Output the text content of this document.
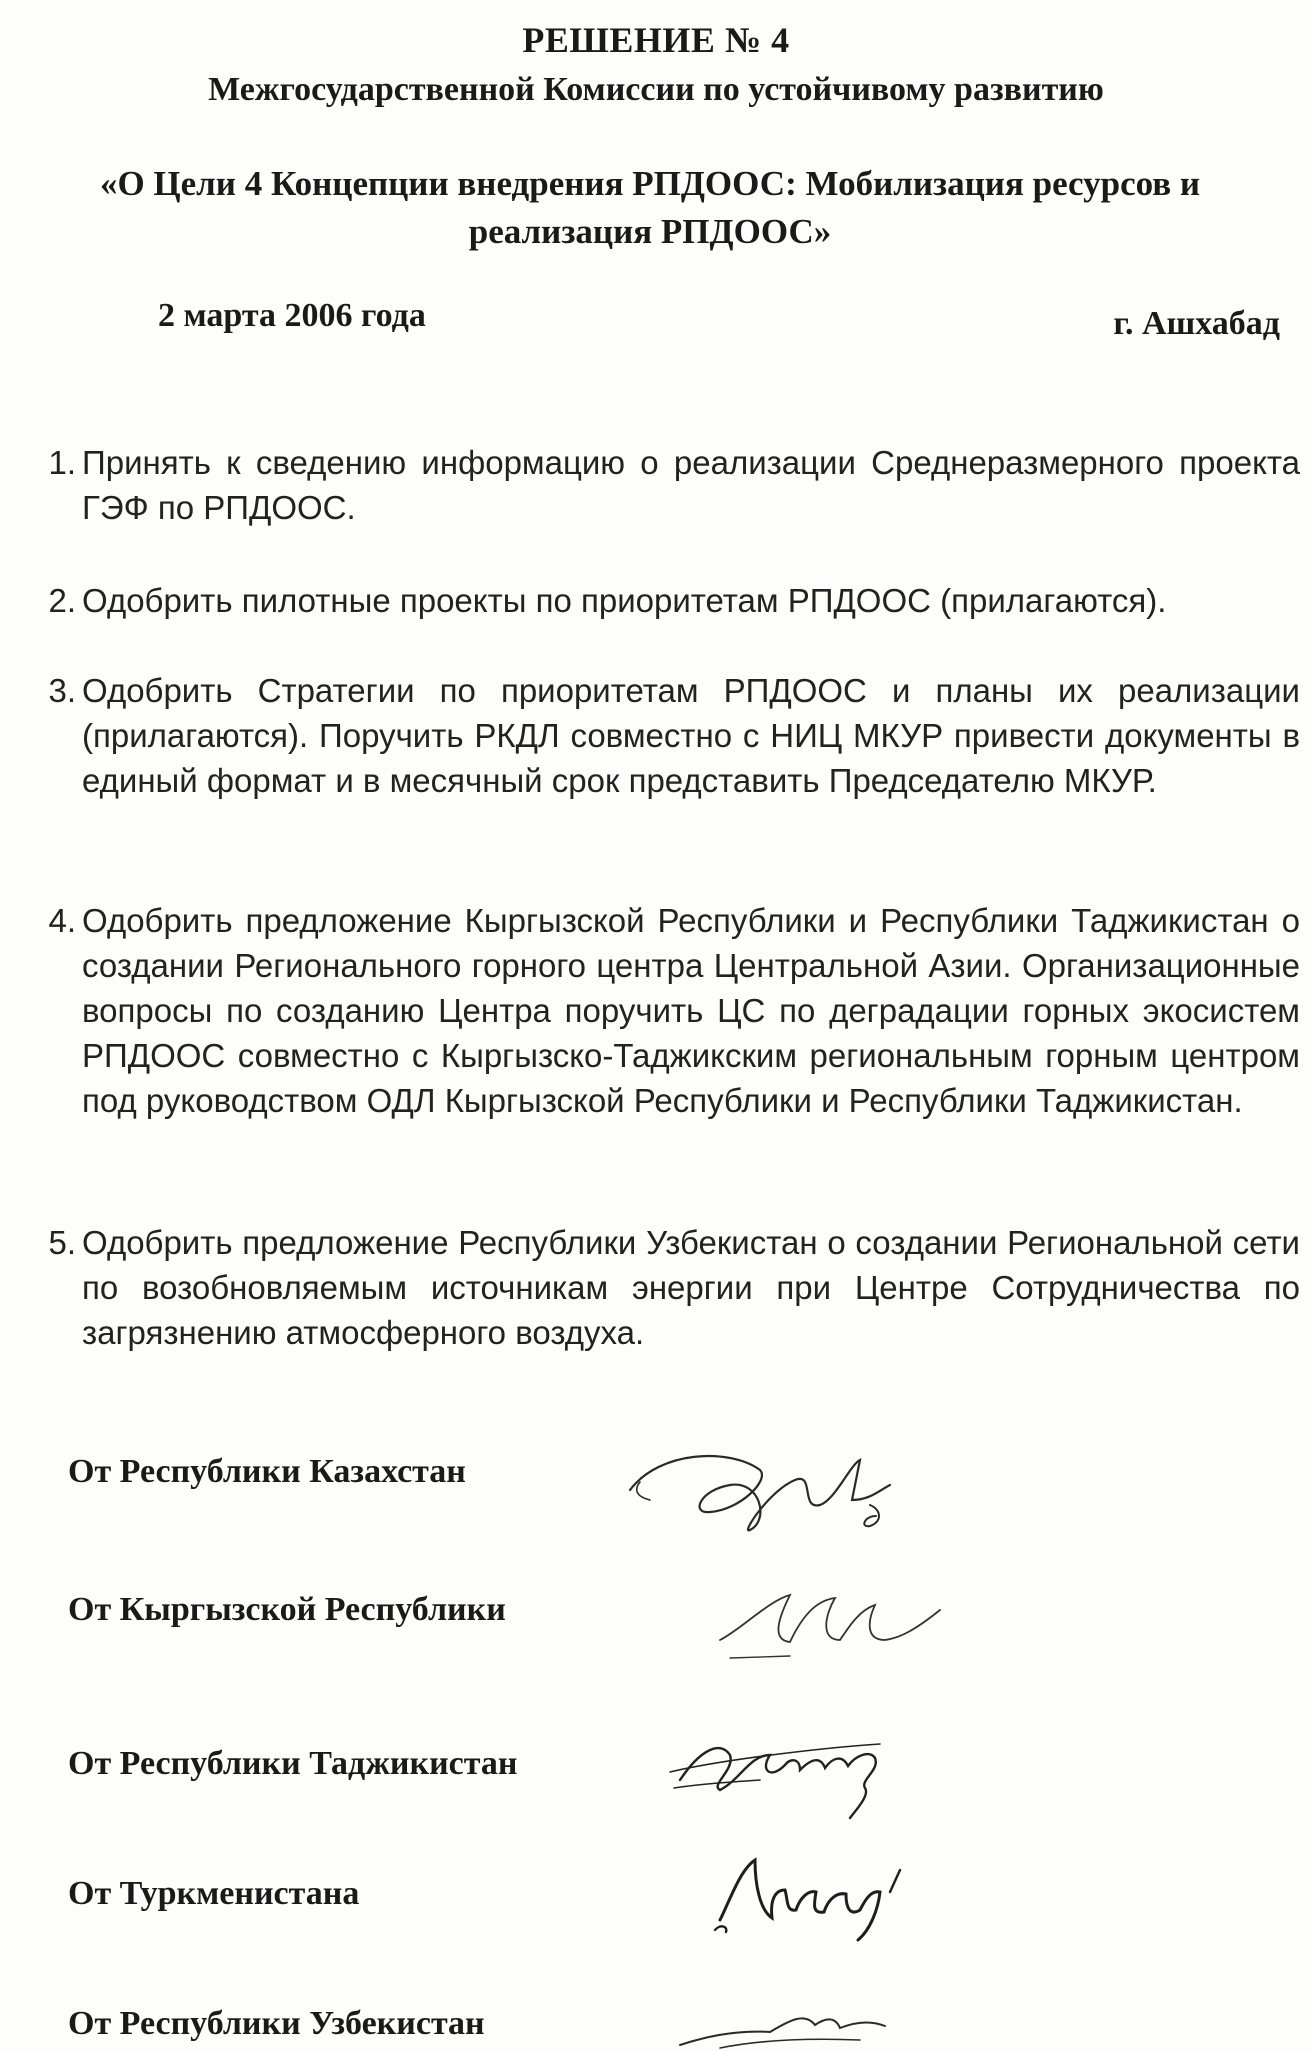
РЕШЕНИЕ № 4
Межгосударственной Комиссии по устойчивому развитию
«О Цели 4 Концепции внедрения РПДООС: Мобилизация ресурсов и реализация РПДООС»
2 марта 2006 года	г. Ашхабад
1. Принять к сведению информацию о реализации Среднеразмерного проекта ГЭФ по РПДООС.
2. Одобрить пилотные проекты по приоритетам РПДООС (прилагаются).
3. Одобрить Стратегии по приоритетам РПДООС и планы их реализации (прилагаются). Поручить РКДЛ совместно с НИЦ МКУР привести документы в единый формат и в месячный срок представить Председателю МКУР.
4. Одобрить предложение Кыргызской Республики и Республики Таджикистан о создании Регионального горного центра Центральной Азии. Организационные вопросы по созданию Центра поручить ЦС по деградации горных экосистем РПДООС совместно с Кыргызско-Таджикским региональным горным центром под руководством ОДЛ Кыргызской Республики и Республики Таджикистан.
5. Одобрить предложение Республики Узбекистан о создании Региональной сети по возобновляемым источникам энергии при Центре Сотрудничества по загрязнению атмосферного воздуха.
От Республики Казахстан
От Кыргызской Республики
От Республики Таджикистан
От Туркменистана
От Республики Узбекистан
